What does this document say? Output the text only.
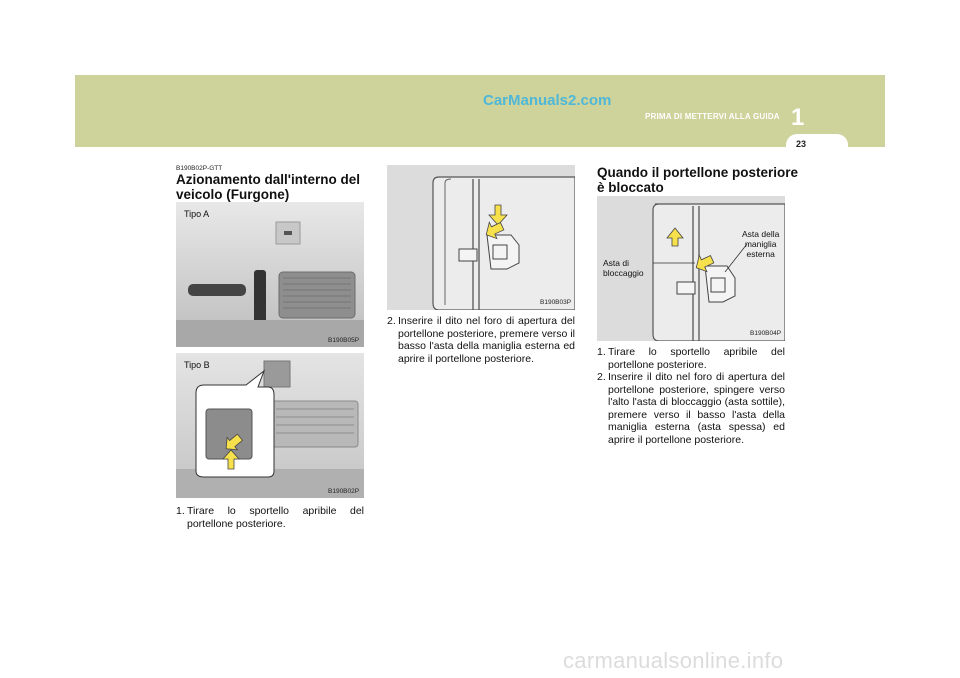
CarManuals2.com
PRIMA DI METTERVI ALLA GUIDA 1
23
B190B02P-GTT
Azionamento dall'interno del
veicolo (Furgone)
Tipo A
B190B05P
Tipo B
B190B02P
1. Tirare lo sportello apribile del portellone posteriore.
B190B03P
2. Inserire il dito nel foro di apertura del portellone posteriore, premere verso il basso l'asta della maniglia esterna ed aprire il portellone posteriore.
Quando il portellone posteriore
è bloccato
Asta di
bloccaggio
Asta della
maniglia
esterna
B190B04P
1. Tirare lo sportello apribile del portellone posteriore.
2. Inserire il dito nel foro di apertura del portellone posteriore, spingere verso l'alto l'asta di bloccaggio (asta sottile), premere verso il basso l'asta della maniglia esterna (asta spessa) ed aprire il portellone posteriore.
carmanualsonline.info
